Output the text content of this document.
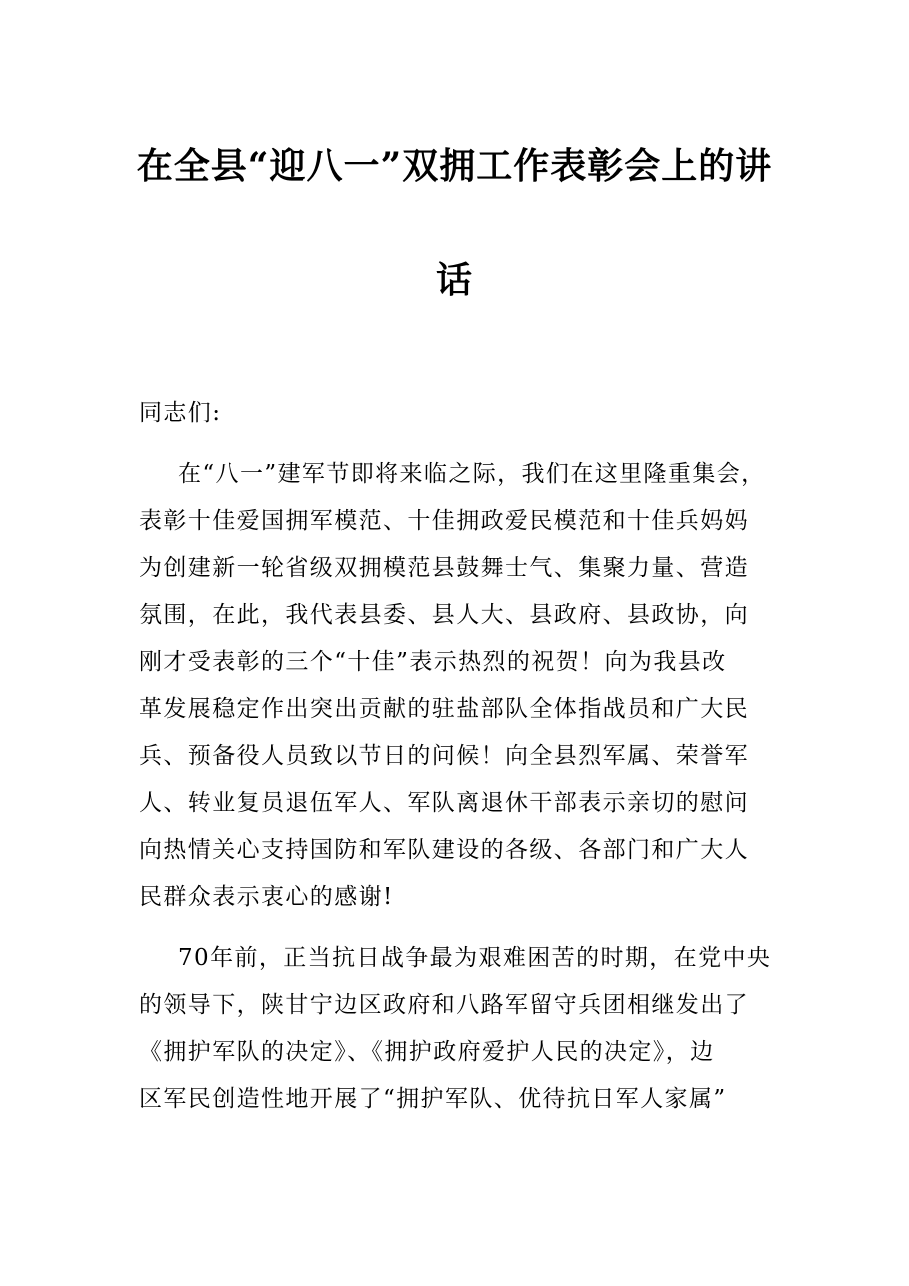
在全县“迎八一”双拥工作表彰会上的讲
话
同志们:
在“八一”建军节即将来临之际，我们在这里隆重集会，
表彰十佳爱国拥军模范、十佳拥政爱民模范和十佳兵妈妈
为创建新一轮省级双拥模范县鼓舞士气、集聚力量、营造
氛围，在此，我代表县委、县人大、县政府、县政协，向
刚才受表彰的三个“十佳”表示热烈的祝贺！向为我县改
革发展稳定作出突出贡献的驻盐部队全体指战员和广大民
兵、预备役人员致以节日的问候！向全县烈军属、荣誉军
人、转业复员退伍军人、军队离退休干部表示亲切的慰问
向热情关心支持国防和军队建设的各级、各部门和广大人
民群众表示衷心的感谢!
70年前，正当抗日战争最为艰难困苦的时期，在党中央
的领导下，陕甘宁边区政府和八路军留守兵团相继发出了
《拥护军队的决定》、《拥护政府爱护人民的决定》，边
区军民创造性地开展了“拥护军队、优待抗日军人家属”
